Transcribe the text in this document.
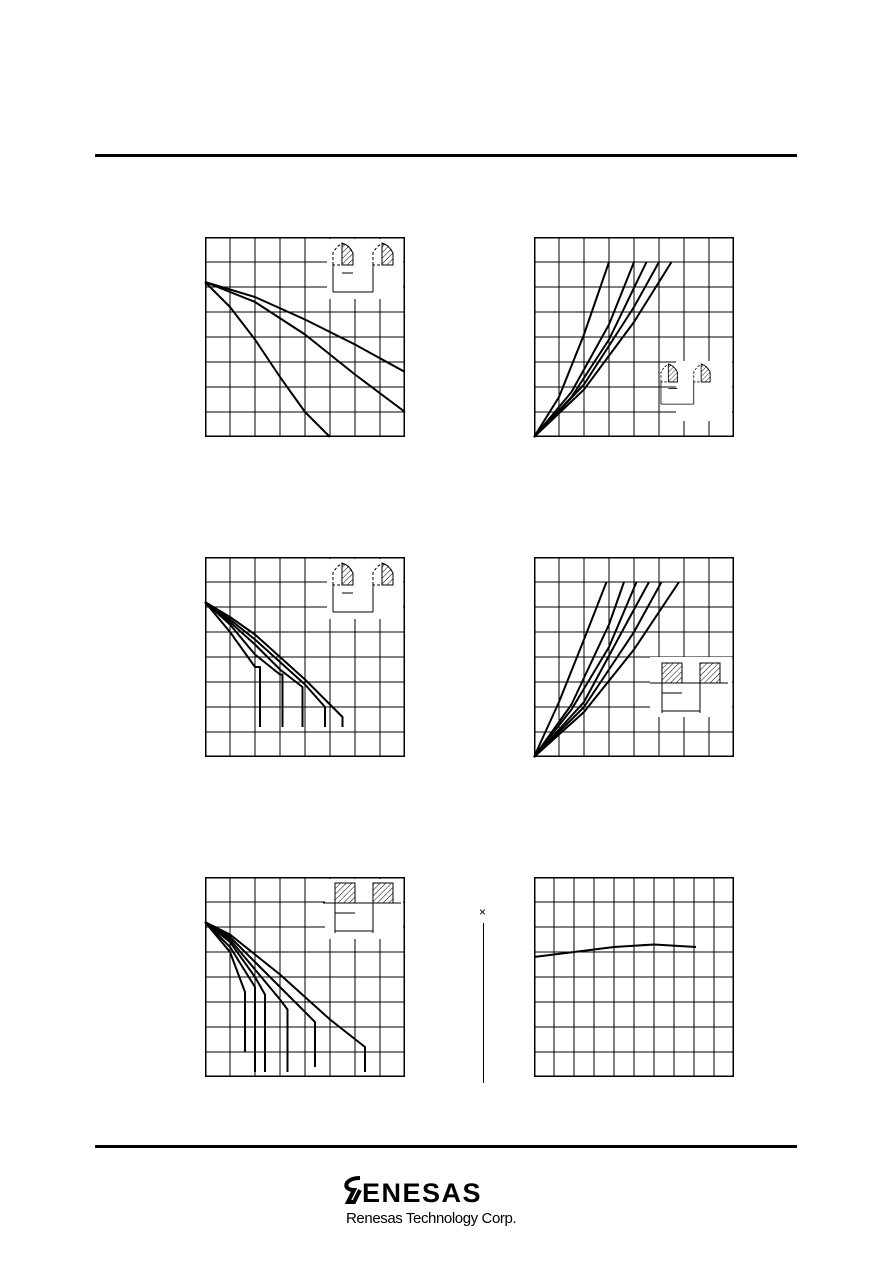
×
ENESAS
Renesas Technology Corp.
